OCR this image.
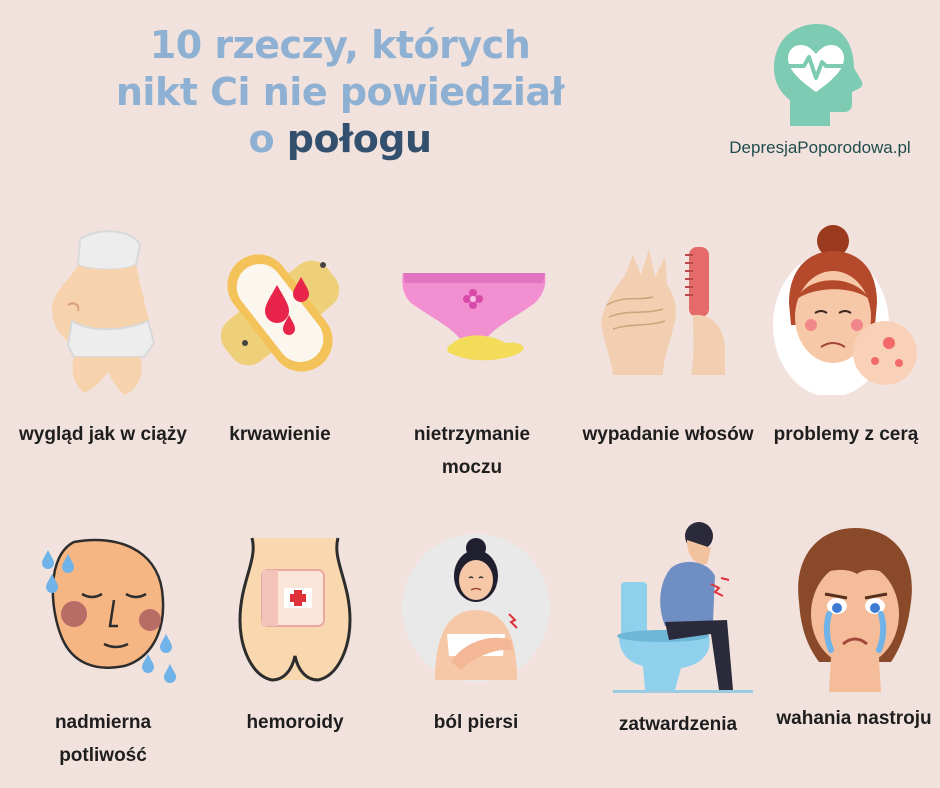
10 rzeczy, których
nikt Ci nie powiedział
o połogu	DepresjaPoporodowa.pl
wygląd jak w ciąży	krwawienie	nietrzymanie moczu
wypadanie włosów	problemy z cerą
nadmierna potliwość
hemoroidy	ból piersi	zatwardzenia	wahania nastroju
